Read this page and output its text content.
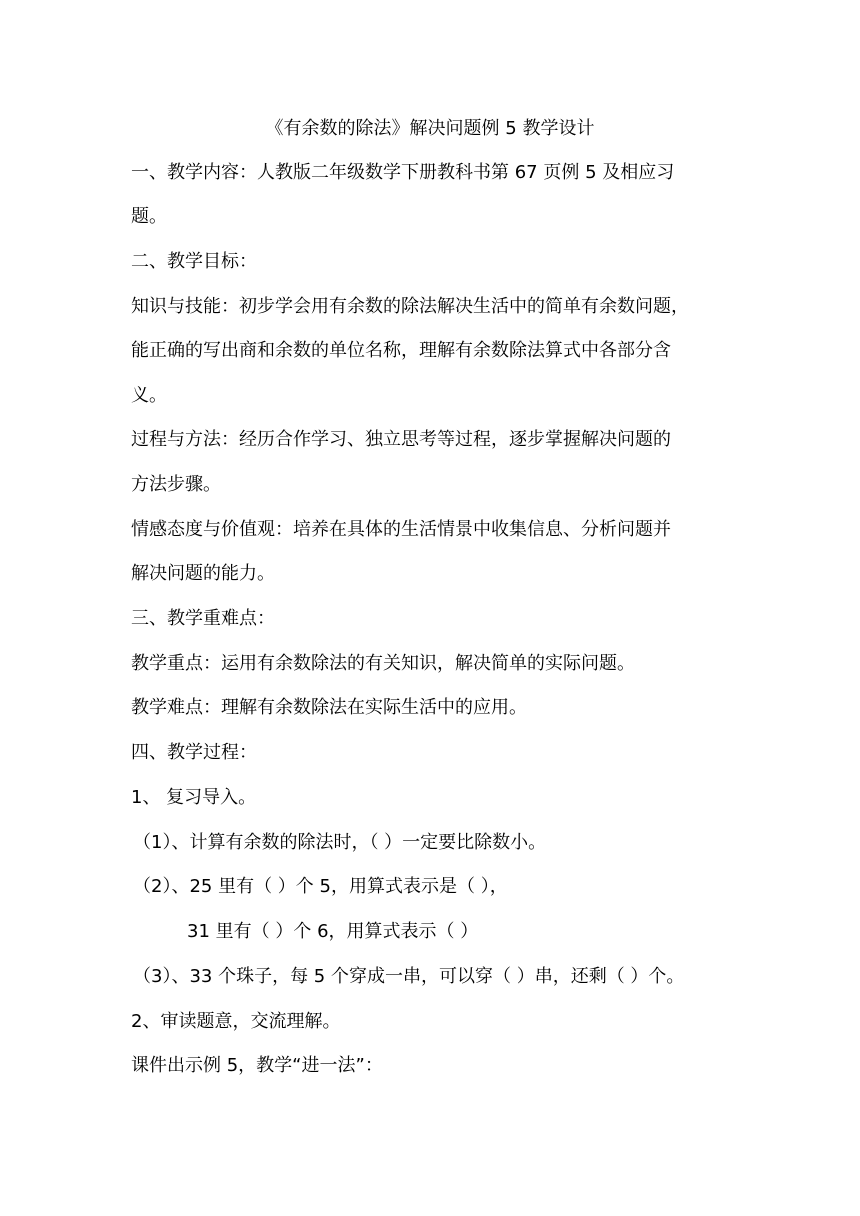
《有余数的除法》解决问题例 5 教学设计

一、教学内容：人教版二年级数学下册教科书第 67 页例 5 及相应习

题。

二、教学目标：

知识与技能：初步学会用有余数的除法解决生活中的简单有余数问题，

能正确的写出商和余数的单位名称，理解有余数除法算式中各部分含

义。

过程与方法：经历合作学习、独立思考等过程，逐步掌握解决问题的

方法步骤。

情感态度与价值观：培养在具体的生活情景中收集信息、分析问题并

解决问题的能力。

三、教学重难点：

教学重点：运用有余数除法的有关知识，解决简单的实际问题。

教学难点：理解有余数除法在实际生活中的应用。

四、教学过程：

1、 复习导入。

（1）、计算有余数的除法时，（ ）一定要比除数小。

（2）、25 里有（ ）个 5，用算式表示是（ ），

31 里有（ ）个 6，用算式表示（ ）

（3）、33 个珠子，每 5 个穿成一串，可以穿（ ）串，还剩（ ）个。

2、审读题意，交流理解。

课件出示例 5，教学“进一法”：
